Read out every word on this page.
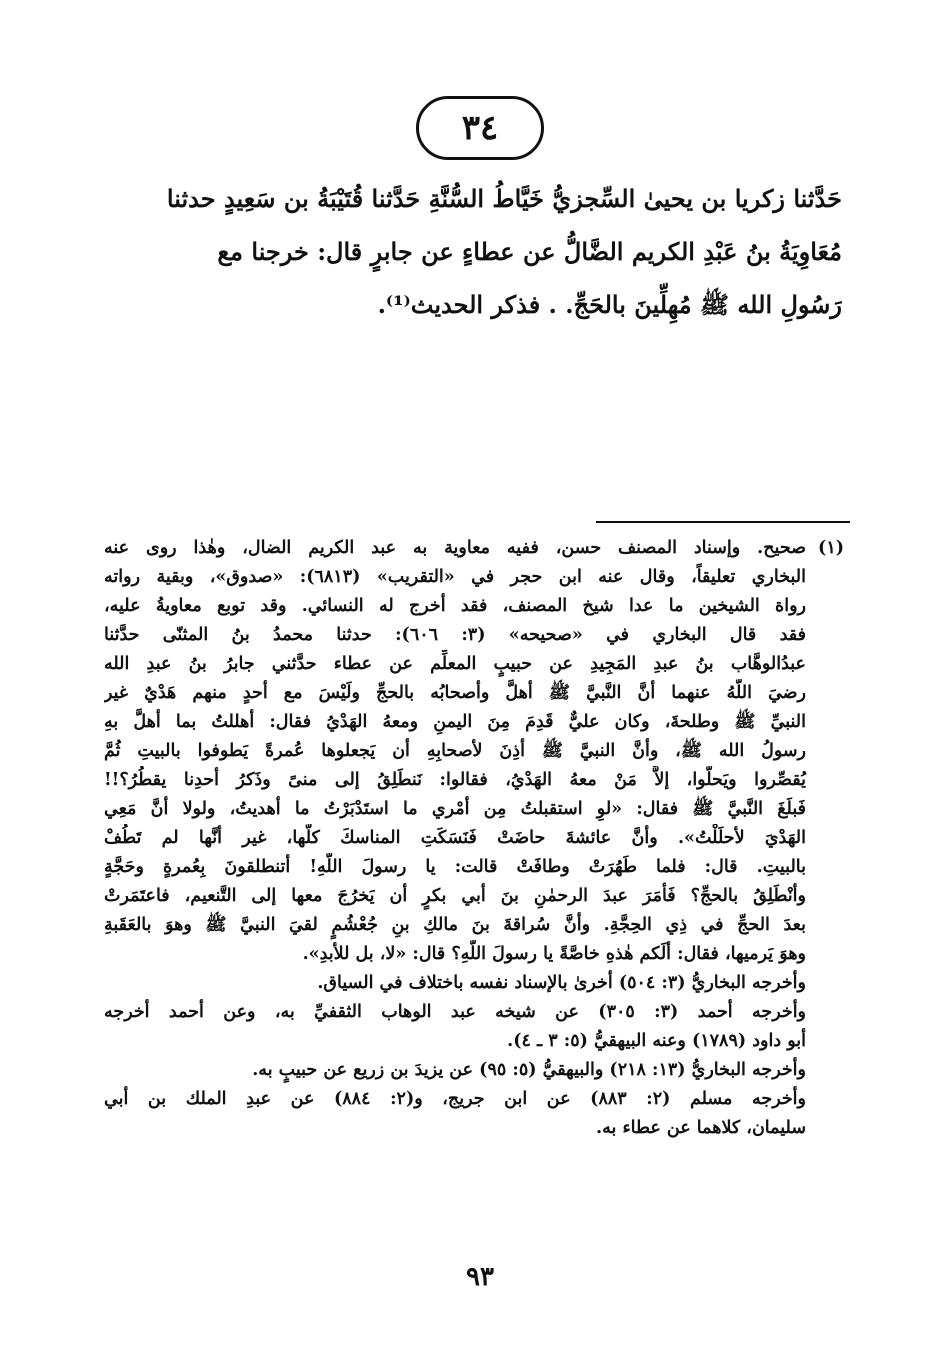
٣٤
حَدَّثنا زكريا بن يحيىٰ السِّجزيُّ خَيَّاطُ السُّنَّةِ حَدَّثنا قُتَيْبَةُ بن سَعِيدٍ حدثنا
مُعَاوِيَةُ بنُ عَبْدِ الكريم الضَّالُّ عن عطاءٍ عن جابرٍ قال: خرجنا مع
رَسُولِ الله ﷺ مُهِلِّينَ بالحَجِّ. . فذكر الحديث⁽¹⁾.
(١)
صحيح. وإسناد المصنف حسن، ففيه معاوية به عبد الكريم الضال، وهٰذا روى عنه
البخاري تعليقاً، وقال عنه ابن حجر في «التقريب» (٦٨١٣): «صدوق»، وبقية رواته
رواة الشيخين ما عدا شيخ المصنف، فقد أخرج له النسائي. وقد توبع معاويةُ عليه،
فقد قال البخاري في «صحيحه» (٣: ٦٠٦): حدثنا محمدُ بنُ المثنّى حدَّثنا
عبدُالوهَّاب بنُ عبدِ المَجِيدِ عن حبيبٍ المعلِّم عن عطاء حدَّثني جابرُ بنُ عبدِ الله
رضيَ اللّهُ عنهما أنَّ النَّبيَّ ﷺ أهلَّ وأصحابُه بالحجِّ ولَيْسَ مع أحدٍ منهم هَدْيٌ غير
النبيِّ ﷺ وطلحةَ، وكان عليٌّ قَدِمَ مِنَ اليمنِ ومعهُ الهَدْيُ فقال: أهللتُ بما أهلَّ بهِ
رسولُ الله ﷺ، وأنَّ النبيَّ ﷺ أذِنَ لأصحابِهِ أن يَجعلوها عُمرةً يَطوفوا بالبيتِ ثُمَّ
يُقصِّروا ويَحلُّوا، إلاَّ مَنْ معهُ الهَدْيُ، فقالوا: نَنطَلِقُ إلى منىً وذَكرُ أحدِنا يقطُرُ؟!!
فَبلَغَ النَّبيَّ ﷺ فقال: «لوِ استقبلتُ مِن أمْري ما استَدْبَرْتُ ما أهديتُ، ولولا أنَّ مَعِي
الهَدْيَ لأحلَلْتُ». وأنَّ عائشةَ حاضَتْ فَنَسَكَتِ المناسكَ كلَّها، غير أنَّها لم تَطُفْ
بالبيتِ. قال: فلما طَهُرَتْ وطافَتْ قالت: يا رسولَ اللّهِ! أتنطلقونَ بِعُمرةٍ وحَجَّةٍ
وأنْطَلِقُ بالحجِّ؟ فَأمَرَ عبدَ الرحمٰنِ بنَ أبي بكرٍ أن يَخرُجَ معها إلى التَّنعيم، فاعتَمَرتْ
بعدَ الحجِّ في ذِي الحِجَّةِ. وأنَّ سُراقةَ بنَ مالكِ بنِ جُعْشُمٍ لقيَ النبيَّ ﷺ وهوَ بالعَقَبةِ
وهوَ يَرميها، فقال: ألَكم هٰذهِ خاصَّةً يا رسولَ اللّهِ؟ قال: «لا، بل للأبدِ».
وأخرجه البخاريُّ (٣: ٥٠٤) أخرىٰ بالإسناد نفسه باختلاف في السياق.
وأخرجه أحمد (٣: ٣٠٥) عن شيخه عبد الوهاب الثقفيِّ به، وعن أحمد أخرجه
أبو داود (١٧٨٩) وعنه البيهقيُّ (٥: ٣ ـ ٤).
وأخرجه البخاريُّ (١٣: ٢١٨) والبيهقيُّ (٥: ٩٥) عن يزيدَ بن زريع عن حبيبٍ به.
وأخرجه مسلم (٢: ٨٨٣) عن ابن جريج، و(٢: ٨٨٤) عن عبدِ الملك بن أبي
سليمان، كلاهما عن عطاء به.
٩٣
